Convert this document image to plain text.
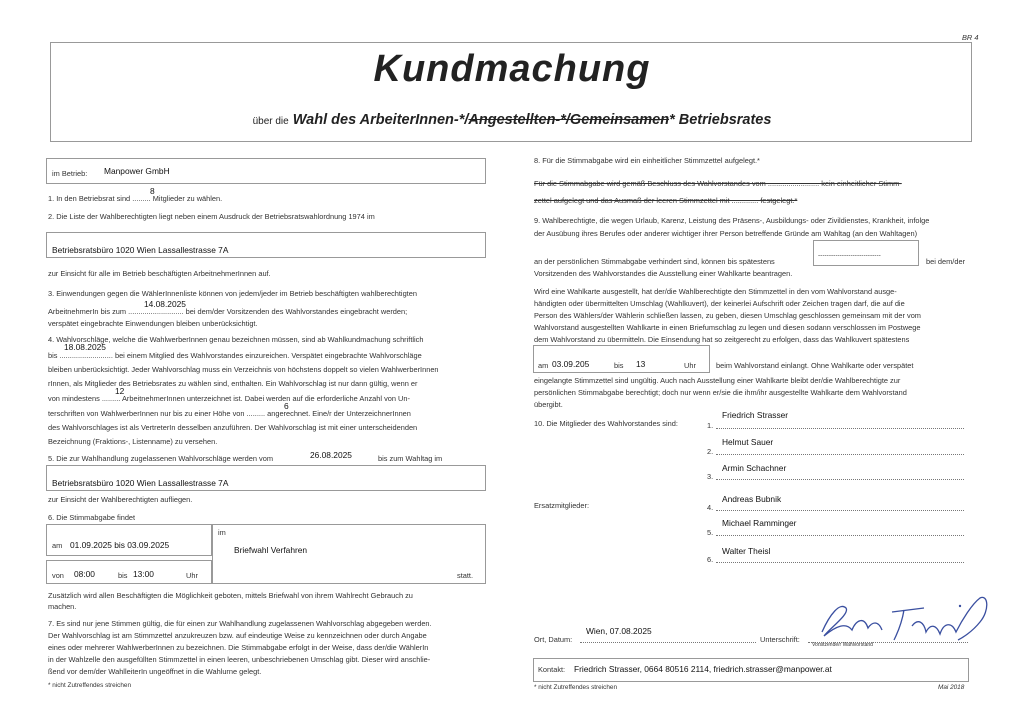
BR 4
Kundmachung
über die Wahl des ArbeiterInnen-*/Angestellten-*/Gemeinsamen* Betriebsrates
im Betrieb: Manpower GmbH
1. In den Betriebsrat sind ......... Mitglieder zu wählen.
8
2. Die Liste der Wahlberechtigten liegt neben einem Ausdruck der Betriebsratswahlordnung 1974 im
Betriebsratsbüro 1020 Wien Lassallestrasse 7A
zur Einsicht für alle im Betrieb beschäftigten ArbeitnehmerInnen auf.
3. Einwendungen gegen die WählerInnenliste können von jedem/jeder im Betrieb beschäftigten wahlberechtigten
ArbeitnehmerIn bis zum ........................... bei dem/der Vorsitzenden des Wahlvorstandes eingebracht werden;
14.08.2025
verspätet eingebrachte Einwendungen bleiben unberücksichtigt.
4. Wahlvorschläge, welche die WahlwerberInnen genau bezeichnen müssen, sind ab Wahlkundmachung schriftlich
18.08.2025
bis .......................... bei einem Mitglied des Wahlvorstandes einzureichen. Verspätet eingebrachte Wahlvorschläge
bleiben unberücksichtigt. Jeder Wahlvorschlag muss ein Verzeichnis von höchstens doppelt so vielen WahlwerberInnen
rInnen, als Mitglieder des Betriebsrates zu wählen sind, enthalten. Ein Wahlvorschlag ist nur dann gültig, wenn er
12
von mindestens ......... ArbeitnehmerInnen unterzeichnet ist. Dabei werden auf die erforderliche Anzahl von Un-
6
terschriften von WahlwerberInnen nur bis zu einer Höhe von ......... angerechnet. Eine/r der UnterzeichnerInnen
des Wahlvorschlages ist als VertreterIn desselben anzuführen. Der Wahlvorschlag ist mit einer unterscheidenden
Bezeichnung (Fraktions-, Listenname) zu versehen.
5. Die zur Wahlhandlung zugelassenen Wahlvorschläge werden vom	26.08.2025	bis zum Wahltag im
Betriebsratsbüro 1020 Wien Lassallestrasse 7A
zur Einsicht der Wahlberechtigten aufliegen.
6. Die Stimmabgabe findet
am 01.09.2025 bis 03.09.2025
im
Briefwahl Verfahren
von 08:00	bis 13:00	Uhr	statt.
Zusätzlich wird allen Beschäftigten die Möglichkeit geboten, mittels Briefwahl von ihrem Wahlrecht Gebrauch zu
machen.
7. Es sind nur jene Stimmen gültig, die für einen zur Wahlhandlung zugelassenen Wahlvorschlag abgegeben werden.
Der Wahlvorschlag ist am Stimmzettel anzukreuzen bzw. auf eindeutige Weise zu kennzeichnen oder durch Angabe
eines oder mehrerer WahlwerberInnen zu bezeichnen. Die Stimmabgabe erfolgt in der Weise, dass der/die WählerIn
in der Wahlzelle den ausgefüllten Stimmzettel in einen leeren, unbeschriebenen Umschlag gibt. Dieser wird anschlie-
ßend vor dem/der WahlleiterIn ungeöffnet in die Wahlurne gelegt.
* nicht Zutreffendes streichen
8. Für die Stimmabgabe wird ein einheitlicher Stimmzettel aufgelegt.*
Für die Stimmabgabe wird gemäß Beschluss des Wahlvorstandes vom ......................... kein einheitlicher Stimm-
zettel aufgelegt und das Ausmaß der leeren Stimmzettel mit ............. festgelegt.*
9. Wahlberechtigte, die wegen Urlaub, Karenz, Leistung des Präsens-, Ausbildungs- oder Zivildienstes, Krankheit, infolge
der Ausübung ihres Berufes oder anderer wichtiger ihrer Person betreffende Gründe am Wahltag (an den Wahltagen)
an der persönlichen Stimmabgabe verhindert sind, können bis spätestens
-----------------------------
bei dem/der
Vorsitzenden des Wahlvorstandes die Ausstellung einer Wahlkarte beantragen.
Wird eine Wahlkarte ausgestellt, hat der/die Wahlberechtigte den Stimmzettel in den vom Wahlvorstand ausge-
händigten oder übermittelten Umschlag (Wahlkuvert), der keinerlei Aufschrift oder Zeichen tragen darf, die auf die
Person des Wählers/der Wählerin schließen lassen, zu geben, diesen Umschlag geschlossen gemeinsam mit der vom
Wahlvorstand ausgestellten Wahlkarte in einen Briefumschlag zu legen und diesen sodann verschlossen im Postwege
dem Wahlvorstand zu übermitteln. Die Einsendung hat so zeitgerecht zu erfolgen, dass das Wahlkuvert spätestens
am 03.09.205	bis 13	Uhr	beim Wahlvorstand einlangt. Ohne Wahlkarte oder verspätet
eingelangte Stimmzettel sind ungültig. Auch nach Ausstellung einer Wahlkarte bleibt der/die Wahlberechtigte zur
persönlichen Stimmabgabe berechtigt; doch nur wenn er/sie die ihm/ihr ausgestellte Wahlkarte dem Wahlvorstand
übergibt.
10. Die Mitglieder des Wahlvorstandes sind:
Friedrich Strasser
1.
Helmut Sauer
2.
Armin Schachner
3.
Ersatzmitglieder:
Andreas Bubnik
4.
Michael Ramminger
5.
Walter Theisl
6.
Ort, Datum:
Wien, 07.08.2025
Unterschrift:
Vorsitzende/r Wahlvorstand
Kontakt: Friedrich Strasser, 0664 80516 2114, friedrich.strasser@manpower.at
* nicht Zutreffendes streichen	Mai 2018
